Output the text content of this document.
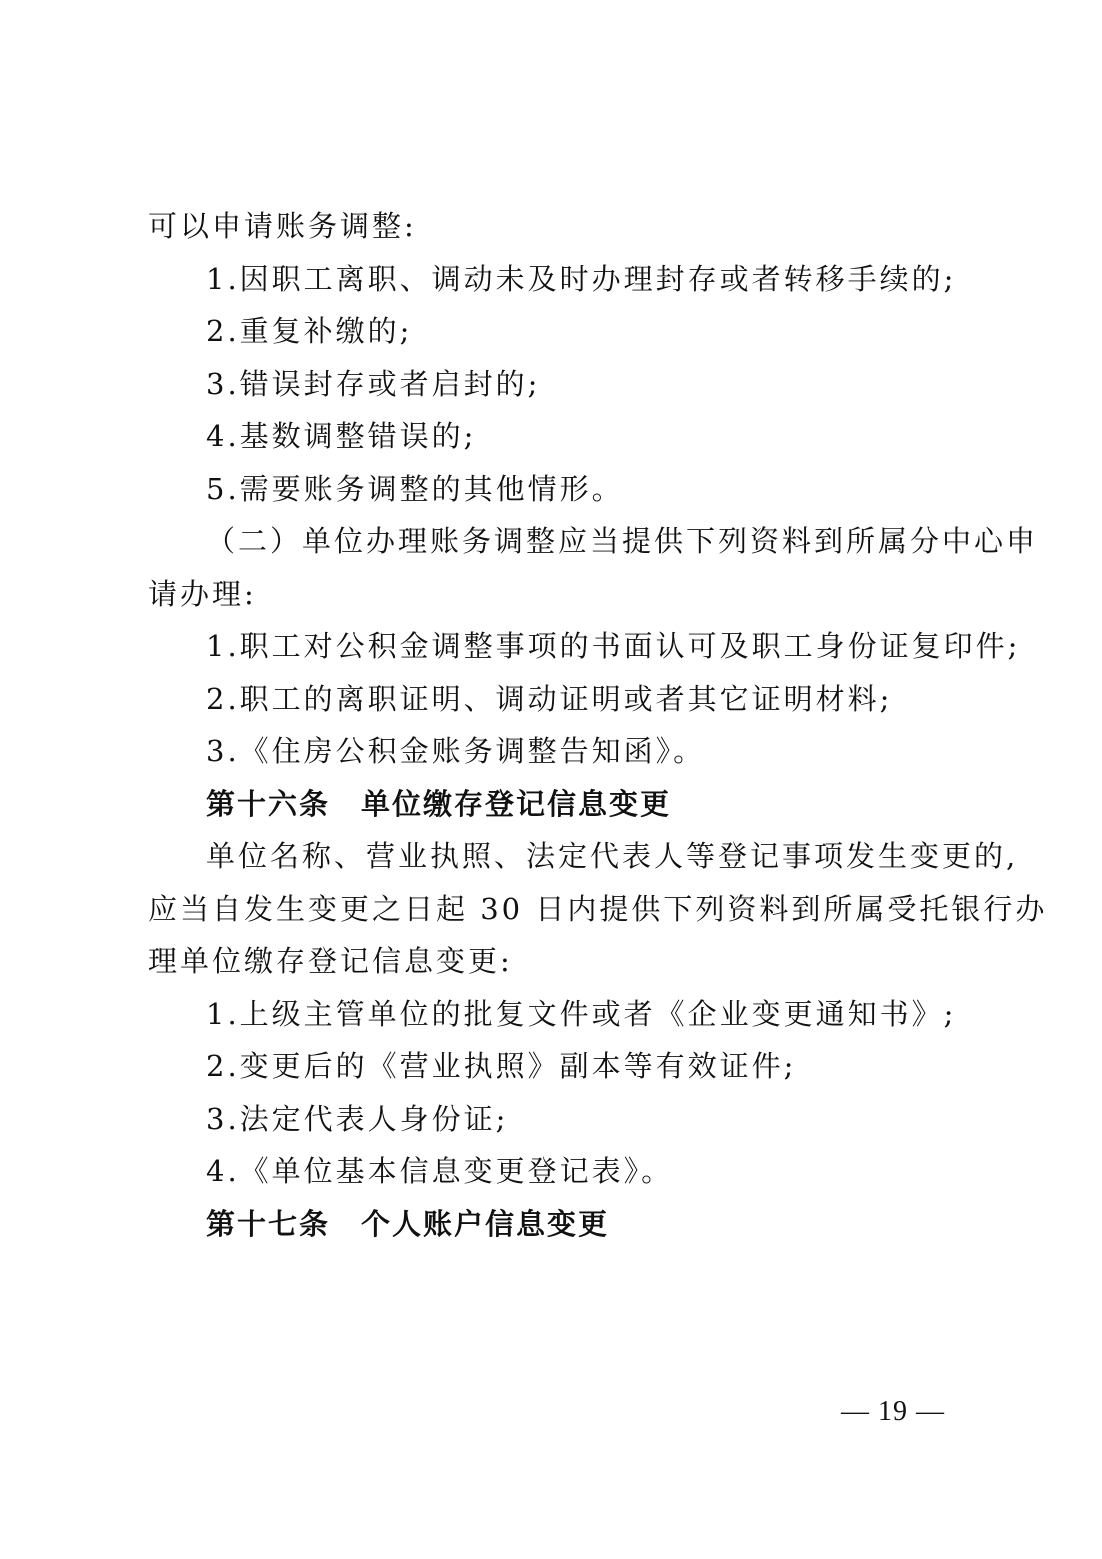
可以申请账务调整:

1.因职工离职、调动未及时办理封存或者转移手续的;

2.重复补缴的;

3.错误封存或者启封的;

4.基数调整错误的;

5.需要账务调整的其他情形。

（二）单位办理账务调整应当提供下列资料到所属分中心申

请办理:

1.职工对公积金调整事项的书面认可及职工身份证复印件;

2.职工的离职证明、调动证明或者其它证明材料;

3.《住房公积金账务调整告知函》。

第十六条　单位缴存登记信息变更

单位名称、营业执照、法定代表人等登记事项发生变更的,

应当自发生变更之日起 30 日内提供下列资料到所属受托银行办

理单位缴存登记信息变更:

1.上级主管单位的批复文件或者《企业变更通知书》;

2.变更后的《营业执照》副本等有效证件;

3.法定代表人身份证;

4.《单位基本信息变更登记表》。

第十七条　个人账户信息变更

— 19 —
